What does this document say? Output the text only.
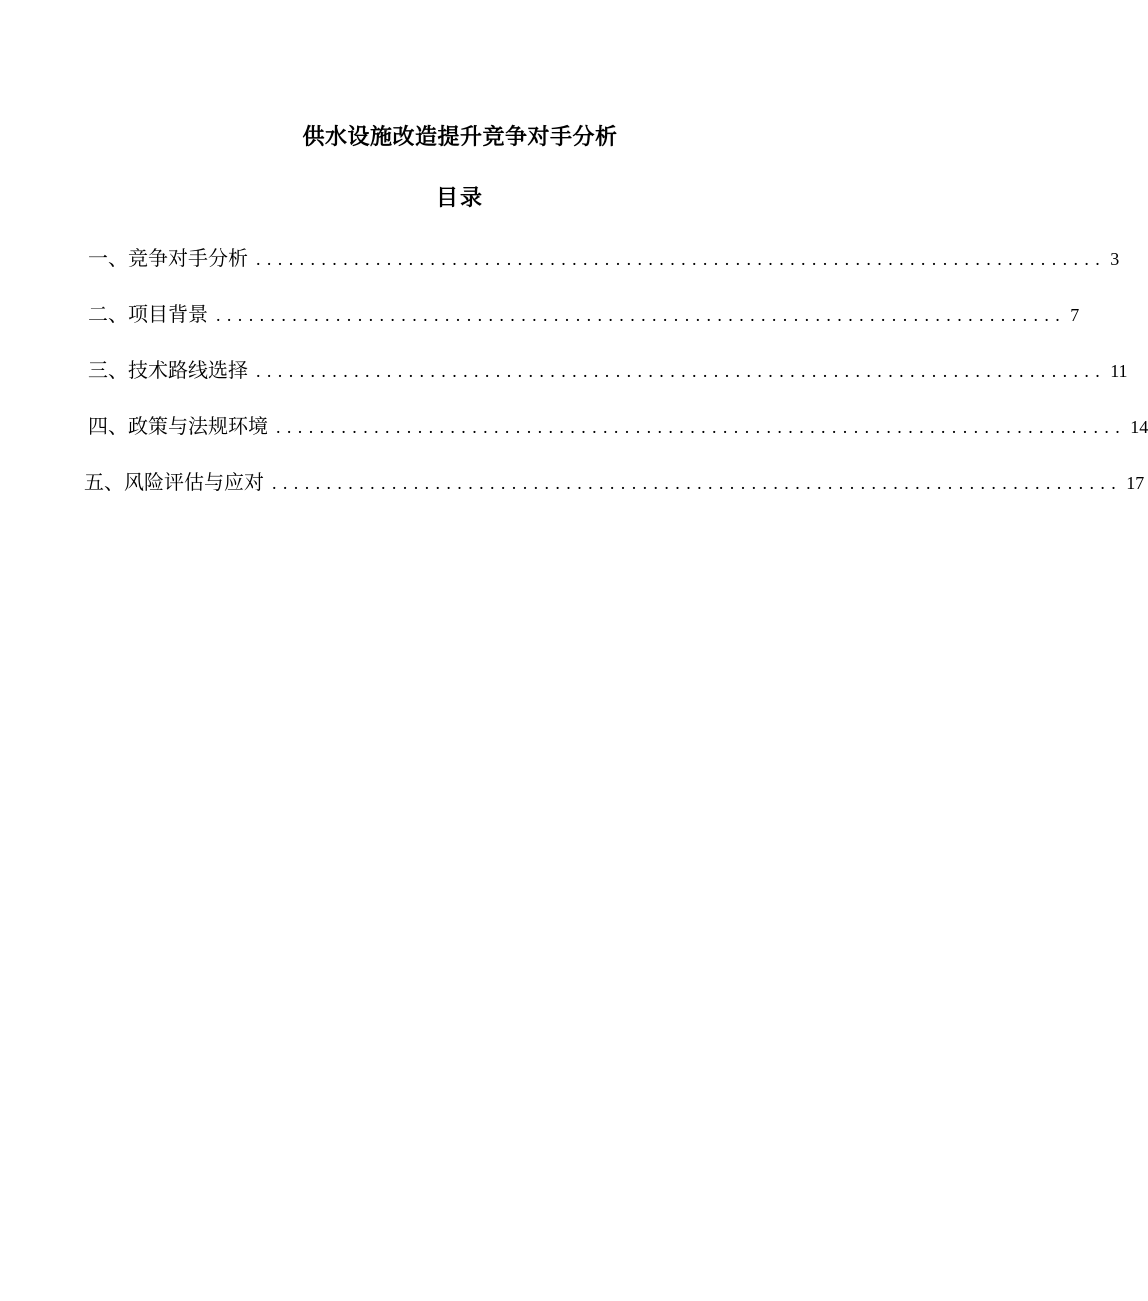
供水设施改造提升竞争对手分析
目录
一、竞争对手分析 .............................................................................. 3
二、项目背景 .............................................................................. 7
三、技术路线选择 .............................................................................. 11
四、政策与法规环境 .............................................................................. 14
五、风险评估与应对 .............................................................................. 17
